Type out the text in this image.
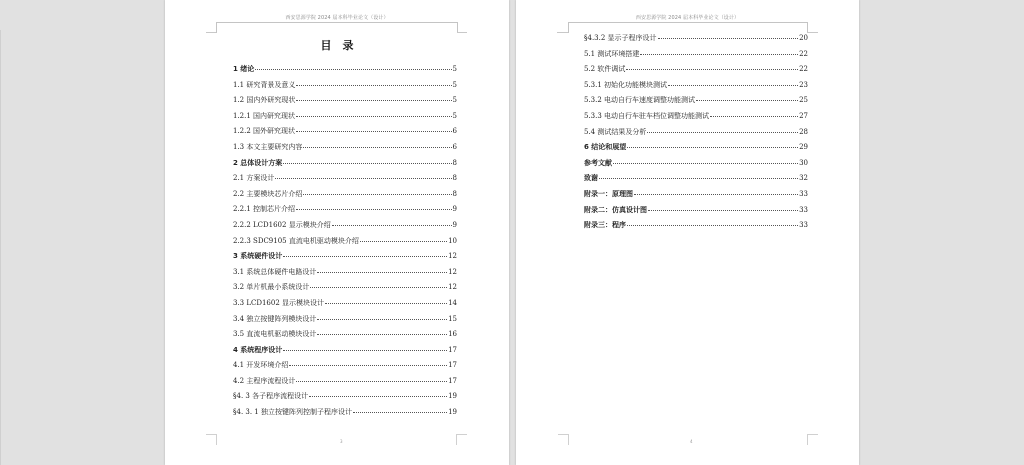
西安思源学院 2024 届本科毕业论文（设计）
目　录
1 绪论	5
1.1 研究背景及意义	5
1.2 国内外研究现状	5
1.2.1 国内研究现状	5
1.2.2 国外研究现状	6
1.3 本文主要研究内容	6
2 总体设计方案	8
2.1 方案设计	8
2.2 主要模块芯片介绍	8
2.2.1 控制芯片介绍	9
2.2.2 LCD1602 显示模块介绍	9
2.2.3 SDC9105 直流电机驱动模块介绍	10
3 系统硬件设计	12
3.1 系统总体硬件电路设计	12
3.2 单片机最小系统设计	12
3.3 LCD1602 显示模块设计	14
3.4 独立按键阵列模块设计	15
3.5 直流电机驱动模块设计	16
4 系统程序设计	17
4.1 开发环境介绍	17
4.2 主程序流程设计	17
§4. 3 各子程序流程设计	19
§4. 3. 1 独立按键阵列控制子程序设计	19
3
西安思源学院 2024 届本科毕业论文（设计）
§4.3.2 显示子程序设计	20
5.1 测试环境搭建	22
5.2 软件调试	22
5.3.1 初始化功能模块测试	23
5.3.2 电动自行车速度调整功能测试	25
5.3.3 电动自行车驻车档位调整功能测试	27
5.4 测试结果及分析	28
6 结论和展望	29
参考文献	30
致谢	32
附录一：原理图	33
附录二：仿真设计图	33
附录三：程序	33
4
